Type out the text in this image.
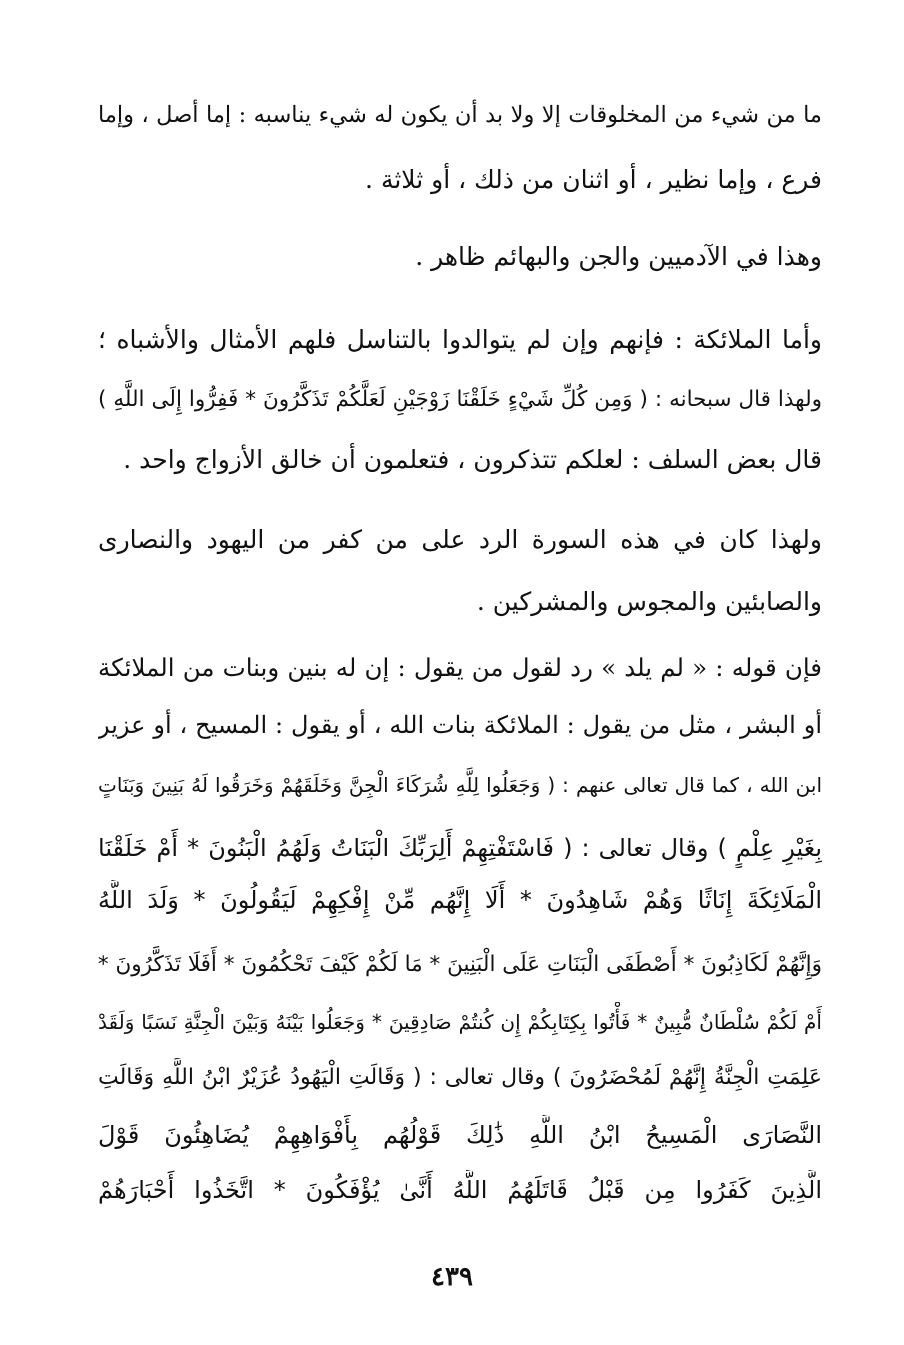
ما من شيء من المخلوقات إلا ولا بد أن يكون له شيء يناسبه : إما أصل ، وإما
فرع ، وإما نظير ، أو اثنان من ذلك ، أو ثلاثة .
وهذا في الآدميين والجن والبهائم ظاهر .
وأما الملائكة : فإنهم وإن لم يتوالدوا بالتناسل فلهم الأمثال والأشباه ؛
ولهذا قال سبحانه : ( وَمِن كُلِّ شَيْءٍ خَلَقْنَا زَوْجَيْنِ لَعَلَّكُمْ تَذَكَّرُونَ * فَفِرُّوا إِلَى اللَّهِ )
قال بعض السلف : لعلكم تتذكرون ، فتعلمون أن خالق الأزواج واحد .
ولهذا كان في هذه السورة الرد على من كفر من اليهود والنصارى
والصابئين والمجوس والمشركين .
فإن قوله : « لم يلد » رد لقول من يقول : إن له بنين وبنات من الملائكة
أو البشر ، مثل من يقول : الملائكة بنات الله ، أو يقول : المسيح ، أو عزير
ابن الله ، كما قال تعالى عنهم : ( وَجَعَلُوا لِلَّهِ شُرَكَاءَ الْجِنَّ وَخَلَقَهُمْ وَخَرَقُوا لَهُ بَنِينَ وَبَنَاتٍ
بِغَيْرِ عِلْمٍ ) وقال تعالى : ( فَاسْتَفْتِهِمْ أَلِرَبِّكَ الْبَنَاتُ وَلَهُمُ الْبَنُونَ * أَمْ خَلَقْنَا
الْمَلَائِكَةَ إِنَاثًا وَهُمْ شَاهِدُونَ * أَلَا إِنَّهُم مِّنْ إِفْكِهِمْ لَيَقُولُونَ * وَلَدَ اللَّهُ
وَإِنَّهُمْ لَكَاذِبُونَ * أَصْطَفَى الْبَنَاتِ عَلَى الْبَنِينَ * مَا لَكُمْ كَيْفَ تَحْكُمُونَ * أَفَلَا تَذَكَّرُونَ *
أَمْ لَكُمْ سُلْطَانٌ مُّبِينٌ * فَأْتُوا بِكِتَابِكُمْ إِن كُنتُمْ صَادِقِينَ * وَجَعَلُوا بَيْنَهُ وَبَيْنَ الْجِنَّةِ نَسَبًا وَلَقَدْ
عَلِمَتِ الْجِنَّةُ إِنَّهُمْ لَمُحْضَرُونَ ) وقال تعالى : ( وَقَالَتِ الْيَهُودُ عُزَيْرٌ ابْنُ اللَّهِ وَقَالَتِ
النَّصَارَى الْمَسِيحُ ابْنُ اللَّهِ ذَٰلِكَ قَوْلُهُم بِأَفْوَاهِهِمْ يُضَاهِئُونَ قَوْلَ
الَّذِينَ كَفَرُوا مِن قَبْلُ قَاتَلَهُمُ اللَّهُ أَنَّىٰ يُؤْفَكُونَ * اتَّخَذُوا أَحْبَارَهُمْ
٤٣٩
